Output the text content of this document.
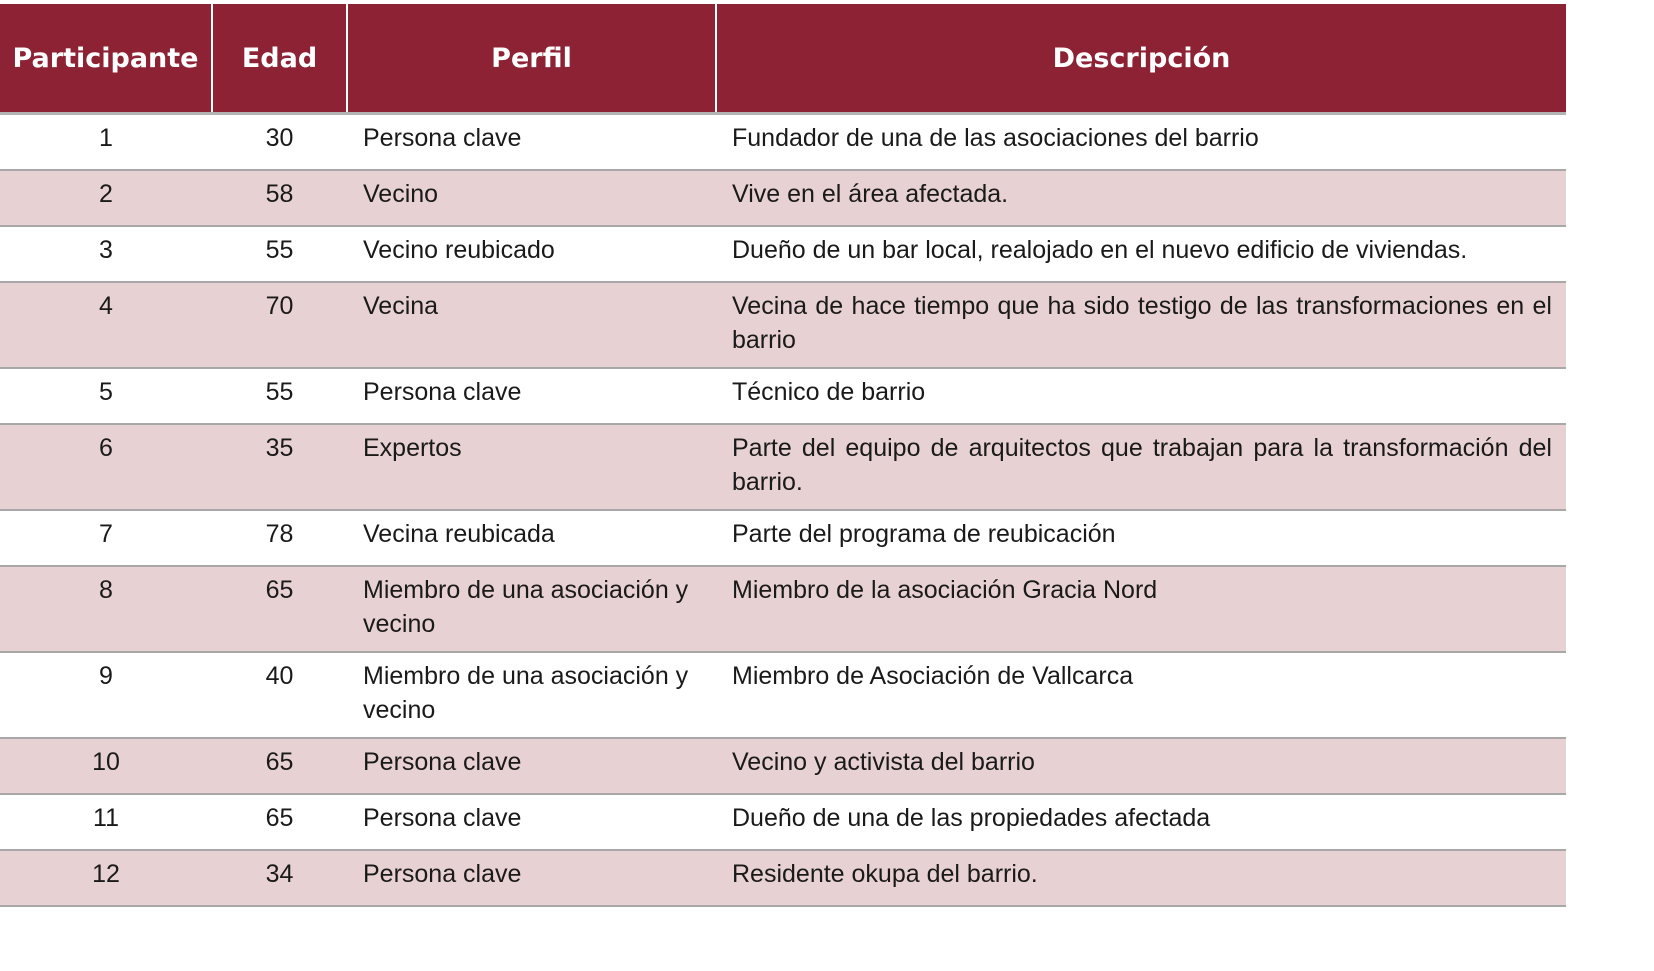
Participante	Edad	Perfil	Descripción
1	30	Persona clave	Fundador de una de las asociaciones del barrio
2	58	Vecino	Vive en el área afectada.
3	55	Vecino reubicado	Dueño de un bar local, realojado en el nuevo edificio de viviendas.
4	70	Vecina	Vecina de hace tiempo que ha sido testigo de las transformaciones en el barrio
5	55	Persona clave	Técnico de barrio
6	35	Expertos	Parte del equipo de arquitectos que trabajan para la transformación del barrio.
7	78	Vecina reubicada	Parte del programa de reubicación
8	65	Miembro de una asociación y vecino	Miembro de la asociación Gracia Nord
9	40	Miembro de una asociación y vecino	Miembro de Asociación de Vallcarca
10	65	Persona clave	Vecino y activista del barrio
11	65	Persona clave	Dueño de una de las propiedades afectada
12	34	Persona clave	Residente okupa del barrio.
